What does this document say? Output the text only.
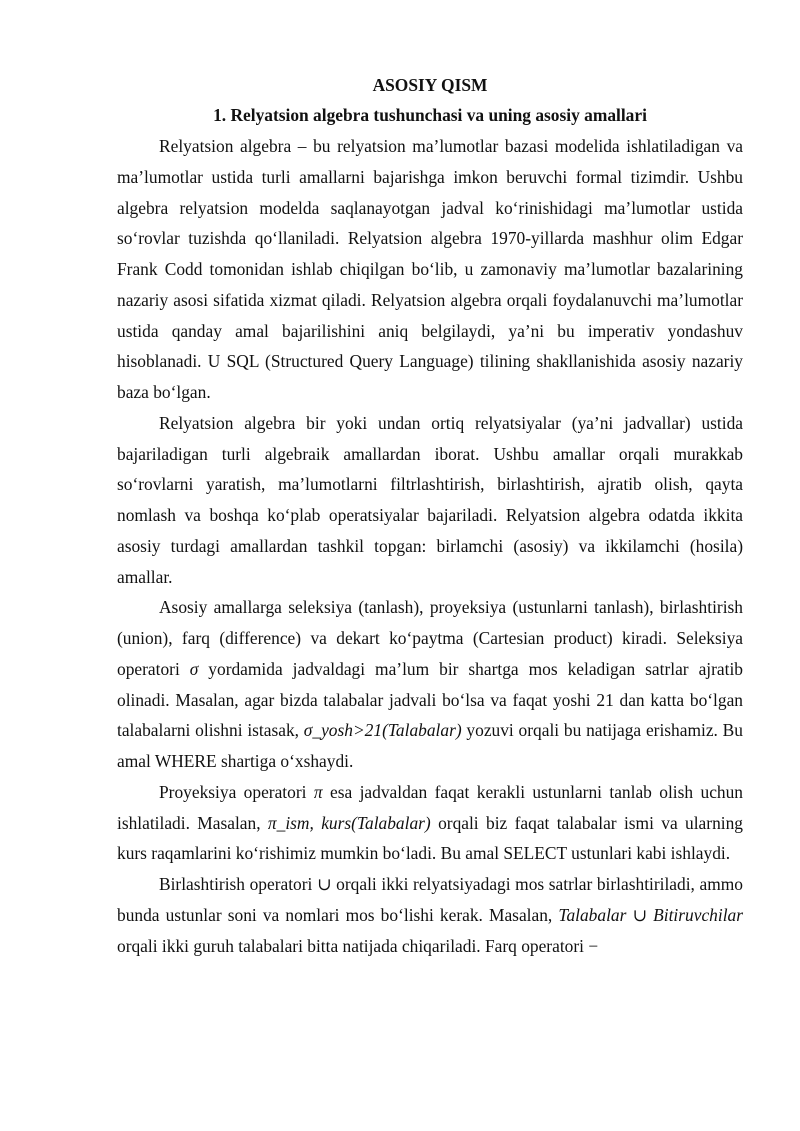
ASOSIY QISM
1. Relyatsion algebra tushunchasi va uning asosiy amallari

Relyatsion algebra – bu relyatsion ma’lumotlar bazasi modelida ishlatiladigan va ma’lumotlar ustida turli amallarni bajarishga imkon beruvchi formal tizimdir. Ushbu algebra relyatsion modelda saqlanayotgan jadval ko‘rinishidagi ma’lumotlar ustida so‘rovlar tuzishda qo‘llaniladi. Relyatsion algebra 1970-yillarda mashhur olim Edgar Frank Codd tomonidan ishlab chiqilgan bo‘lib, u zamonaviy ma’lumotlar bazalarining nazariy asosi sifatida xizmat qiladi. Relyatsion algebra orqali foydalanuvchi ma’lumotlar ustida qanday amal bajarilishini aniq belgilaydi, ya’ni bu imperativ yondashuv hisoblanadi. U SQL (Structured Query Language) tilining shakllanishida asosiy nazariy baza bo‘lgan.

Relyatsion algebra bir yoki undan ortiq relyatsiyalar (ya’ni jadvallar) ustida bajariladigan turli algebraik amallardan iborat. Ushbu amallar orqali murakkab so‘rovlarni yaratish, ma’lumotlarni filtrlashtirish, birlashtirish, ajratib olish, qayta nomlash va boshqa ko‘plab operatsiyalar bajariladi. Relyatsion algebra odatda ikkita asosiy turdagi amallardan tashkil topgan: birlamchi (asosiy) va ikkilamchi (hosila) amallar.

Asosiy amallarga seleksiya (tanlash), proyeksiya (ustunlarni tanlash), birlashtirish (union), farq (difference) va dekart ko‘paytma (Cartesian product) kiradi. Seleksiya operatori σ yordamida jadvaldagi ma’lum bir shartga mos keladigan satrlar ajratib olinadi. Masalan, agar bizda talabalar jadvali bo‘lsa va faqat yoshi 21 dan katta bo‘lgan talabalarni olishni istasak, σ_yosh>21(Talabalar) yozuvi orqali bu natijaga erishamiz. Bu amal WHERE shartiga o‘xshaydi.

Proyeksiya operatori π esa jadvaldan faqat kerakli ustunlarni tanlab olish uchun ishlatiladi. Masalan, π_ism, kurs(Talabalar) orqali biz faqat talabalar ismi va ularning kurs raqamlarini ko‘rishimiz mumkin bo‘ladi. Bu amal SELECT ustunlari kabi ishlaydi.

Birlashtirish operatori ∪ orqali ikki relyatsiyadagi mos satrlar birlashtiriladi, ammo bunda ustunlar soni va nomlari mos bo‘lishi kerak. Masalan, Talabalar ∪ Bitiruvchilar orqali ikki guruh talabalari bitta natijada chiqariladi. Farq operatori −
